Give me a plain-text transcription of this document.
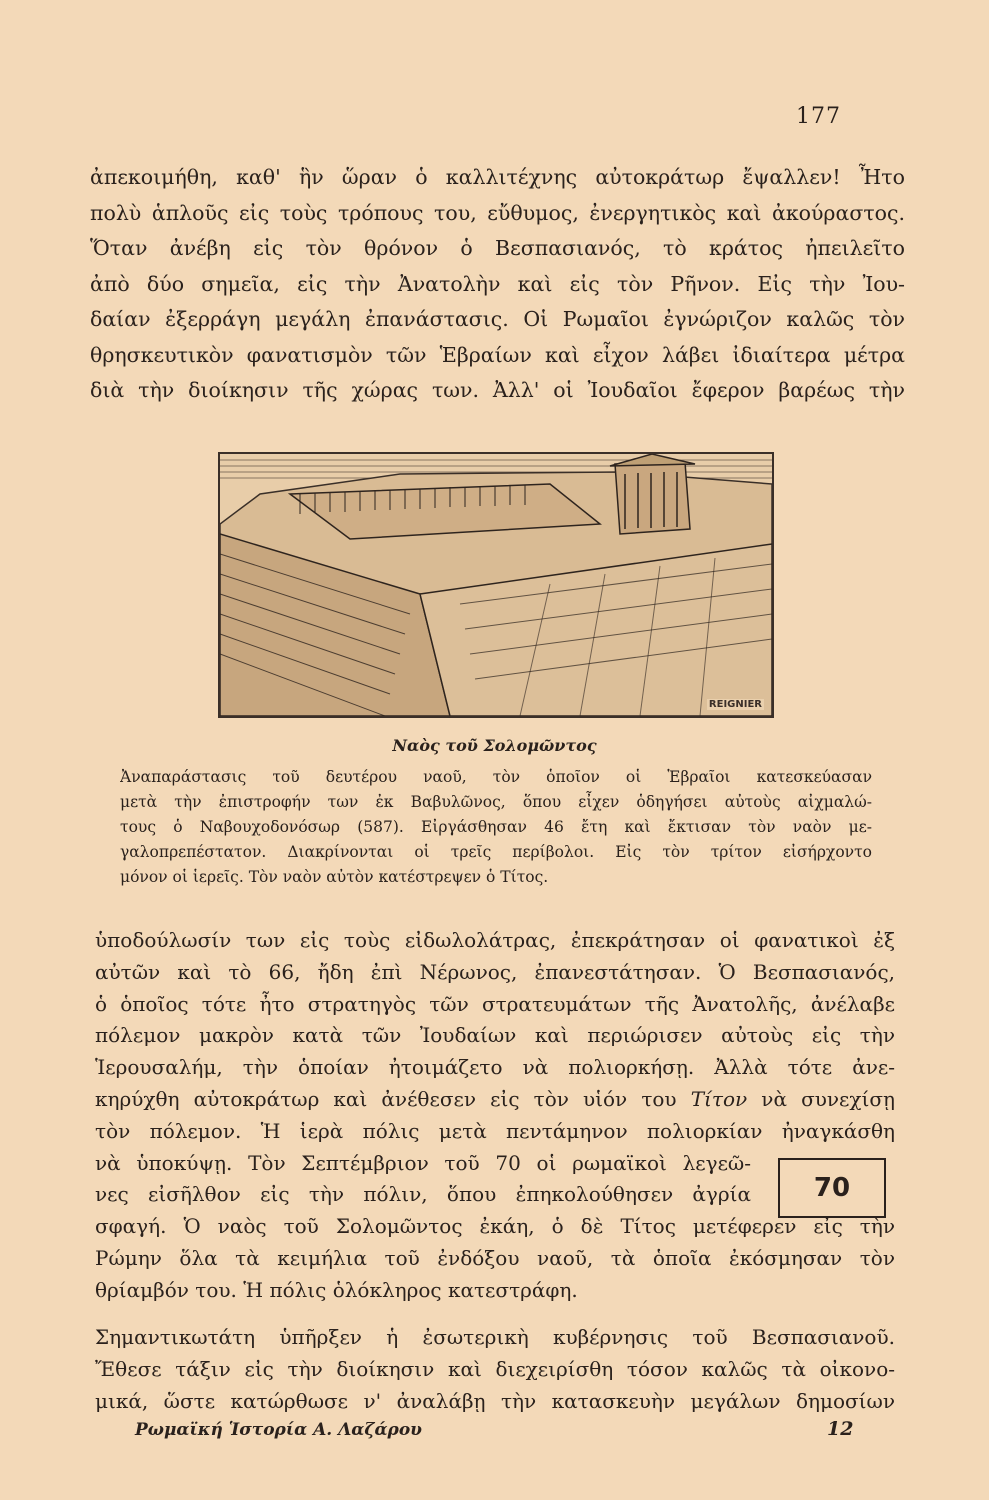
177
ἀπεκοιμήθη, καθ' ἣν ὥραν ὁ καλλιτέχνης αὐτοκράτωρ ἔψαλλεν! Ἦτο
πολὺ ἁπλοῦς εἰς τοὺς τρόπους του, εὔθυμος, ἐνεργητικὸς καὶ ἀκούραστος.
Ὅταν ἀνέβη εἰς τὸν θρόνον ὁ Βεσπασιανός, τὸ κράτος ἠπειλεῖτο
ἀπὸ δύο σημεῖα, εἰς τὴν Ἀνατολὴν καὶ εἰς τὸν Ρῆνον. Εἰς τὴν Ἰου-
δαίαν ἐξερράγη μεγάλη ἐπανάστασις. Οἱ Ρωμαῖοι ἐγνώριζον καλῶς τὸν
θρησκευτικὸν φανατισμὸν τῶν Ἑβραίων καὶ εἶχον λάβει ἰδιαίτερα μέτρα
διὰ τὴν διοίκησιν τῆς χώρας των. Ἀλλ' οἱ Ἰουδαῖοι ἔφερον βαρέως τὴν
REIGNIER
Ναὸς τοῦ Σολομῶντος
Ἀναπαράστασις τοῦ δευτέρου ναοῦ, τὸν ὁποῖον οἱ Ἑβραῖοι κατεσκεύασαν
μετὰ τὴν ἐπιστροφήν των ἐκ Βαβυλῶνος, ὅπου εἶχεν ὁδηγήσει αὐτοὺς αἰχμαλώ-
τους ὁ Ναβουχοδονόσωρ (587). Εἰργάσθησαν 46 ἔτη καὶ ἔκτισαν τὸν ναὸν με-
γαλοπρεπέστατον. Διακρίνονται οἱ τρεῖς περίβολοι. Εἰς τὸν τρίτον εἰσήρχοντο
μόνον οἱ ἱερεῖς. Τὸν ναὸν αὐτὸν κατέστρεψεν ὁ Τίτος.
ὑποδούλωσίν των εἰς τοὺς εἰδωλολάτρας, ἐπεκράτησαν οἱ φανατικοὶ ἐξ
αὐτῶν καὶ τὸ 66, ἤδη ἐπὶ Νέρωνος, ἐπανεστάτησαν. Ὁ Βεσπασιανός,
ὁ ὁποῖος τότε ἦτο στρατηγὸς τῶν στρατευμάτων τῆς Ἀνατολῆς, ἀνέλαβε
πόλεμον μακρὸν κατὰ τῶν Ἰουδαίων καὶ περιώρισεν αὐτοὺς εἰς τὴν
Ἱερουσαλήμ, τὴν ὁποίαν ἠτοιμάζετο νὰ πολιορκήσῃ. Ἀλλὰ τότε ἀνε-
κηρύχθη αὐτοκράτωρ καὶ ἀνέθεσεν εἰς τὸν υἱόν του Τίτον νὰ συνεχίσῃ
τὸν πόλεμον. Ἡ ἱερὰ πόλις μετὰ πεντάμηνον πολιορκίαν ἠναγκάσθη
νὰ ὑποκύψῃ. Τὸν Σεπτέμβριον τοῦ 70 οἱ ρωμαϊκοὶ λεγεῶ-
νες εἰσῆλθον εἰς τὴν πόλιν, ὅπου ἐπηκολούθησεν ἀγρία
σφαγή. Ὁ ναὸς τοῦ Σολομῶντος ἐκάη, ὁ δὲ Τίτος μετέφερεν εἰς τὴν
Ρώμην ὅλα τὰ κειμήλια τοῦ ἐνδόξου ναοῦ, τὰ ὁποῖα ἐκόσμησαν τὸν
θρίαμβόν του. Ἡ πόλις ὁλόκληρος κατεστράφη.
70
Σημαντικωτάτη ὑπῆρξεν ἡ ἐσωτερικὴ κυβέρνησις τοῦ Βεσπασιανοῦ.
Ἔθεσε τάξιν εἰς τὴν διοίκησιν καὶ διεχειρίσθη τόσον καλῶς τὰ οἰκονο-
μικά, ὥστε κατώρθωσε ν' ἀναλάβῃ τὴν κατασκευὴν μεγάλων δημοσίων
Ρωμαϊκή Ἱστορία Α. Λαζάρου	12
